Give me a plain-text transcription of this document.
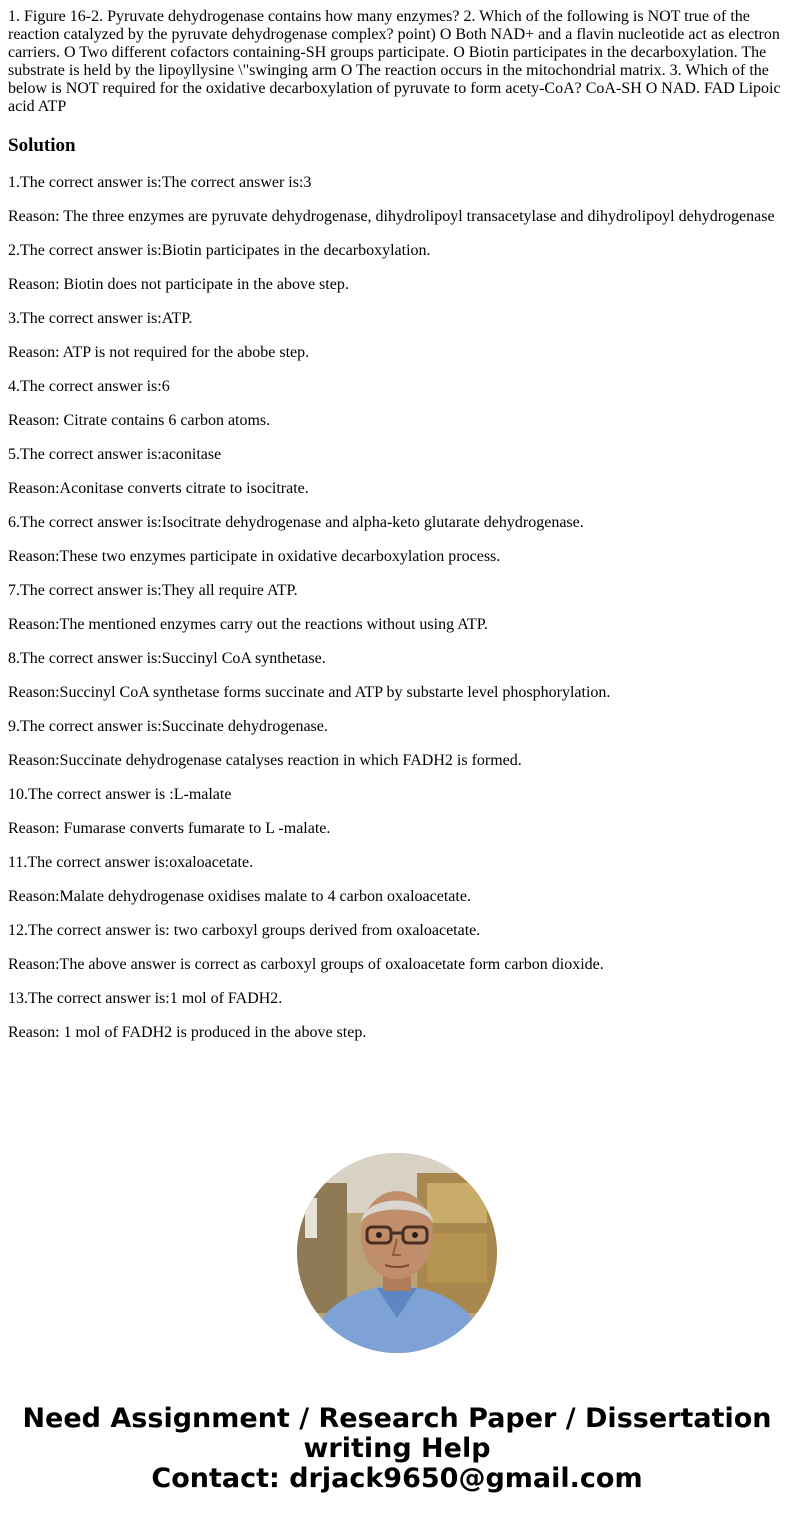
1. Figure 16-2. Pyruvate dehydrogenase contains how many enzymes? 2. Which of the following is NOT true of the reaction catalyzed by the pyruvate dehydrogenase complex? point) O Both NAD+ and a flavin nucleotide act as electron carriers. O Two different cofactors containing-SH groups participate. O Biotin participates in the decarboxylation. The substrate is held by the lipoyllysine \"swinging arm O The reaction occurs in the mitochondrial matrix. 3. Which of the below is NOT required for the oxidative decarboxylation of pyruvate to form acety-CoA? CoA-SH O NAD. FAD Lipoic acid ATP

Solution

1.The correct answer is:The correct answer is:3

Reason: The three enzymes are pyruvate dehydrogenase, dihydrolipoyl transacetylase and dihydrolipoyl dehydrogenase

2.The correct answer is:Biotin participates in the decarboxylation.

Reason: Biotin does not participate in the above step.

3.The correct answer is:ATP.

Reason: ATP is not required for the abobe step.

4.The correct answer is:6

Reason: Citrate contains 6 carbon atoms.

5.The correct answer is:aconitase

Reason:Aconitase converts citrate to isocitrate.

6.The correct answer is:Isocitrate dehydrogenase and alpha-keto glutarate dehydrogenase.

Reason:These two enzymes participate in oxidative decarboxylation process.

7.The correct answer is:They all require ATP.

Reason:The mentioned enzymes carry out the reactions without using ATP.

8.The correct answer is:Succinyl CoA synthetase.

Reason:Succinyl CoA synthetase forms succinate and ATP by substarte level phosphorylation.

9.The correct answer is:Succinate dehydrogenase.

Reason:Succinate dehydrogenase catalyses reaction in which FADH2 is formed.

10.The correct answer is :L-malate

Reason: Fumarase converts fumarate to L -malate.

11.The correct answer is:oxaloacetate.

Reason:Malate dehydrogenase oxidises malate to 4 carbon oxaloacetate.

12.The correct answer is: two carboxyl groups derived from oxaloacetate.

Reason:The above answer is correct as carboxyl groups of oxaloacetate form carbon dioxide.

13.The correct answer is:1 mol of FADH2.

Reason: 1 mol of FADH2 is produced in the above step.

Need Assignment / Research Paper / Dissertation
writing Help
Contact: drjack9650@gmail.com
